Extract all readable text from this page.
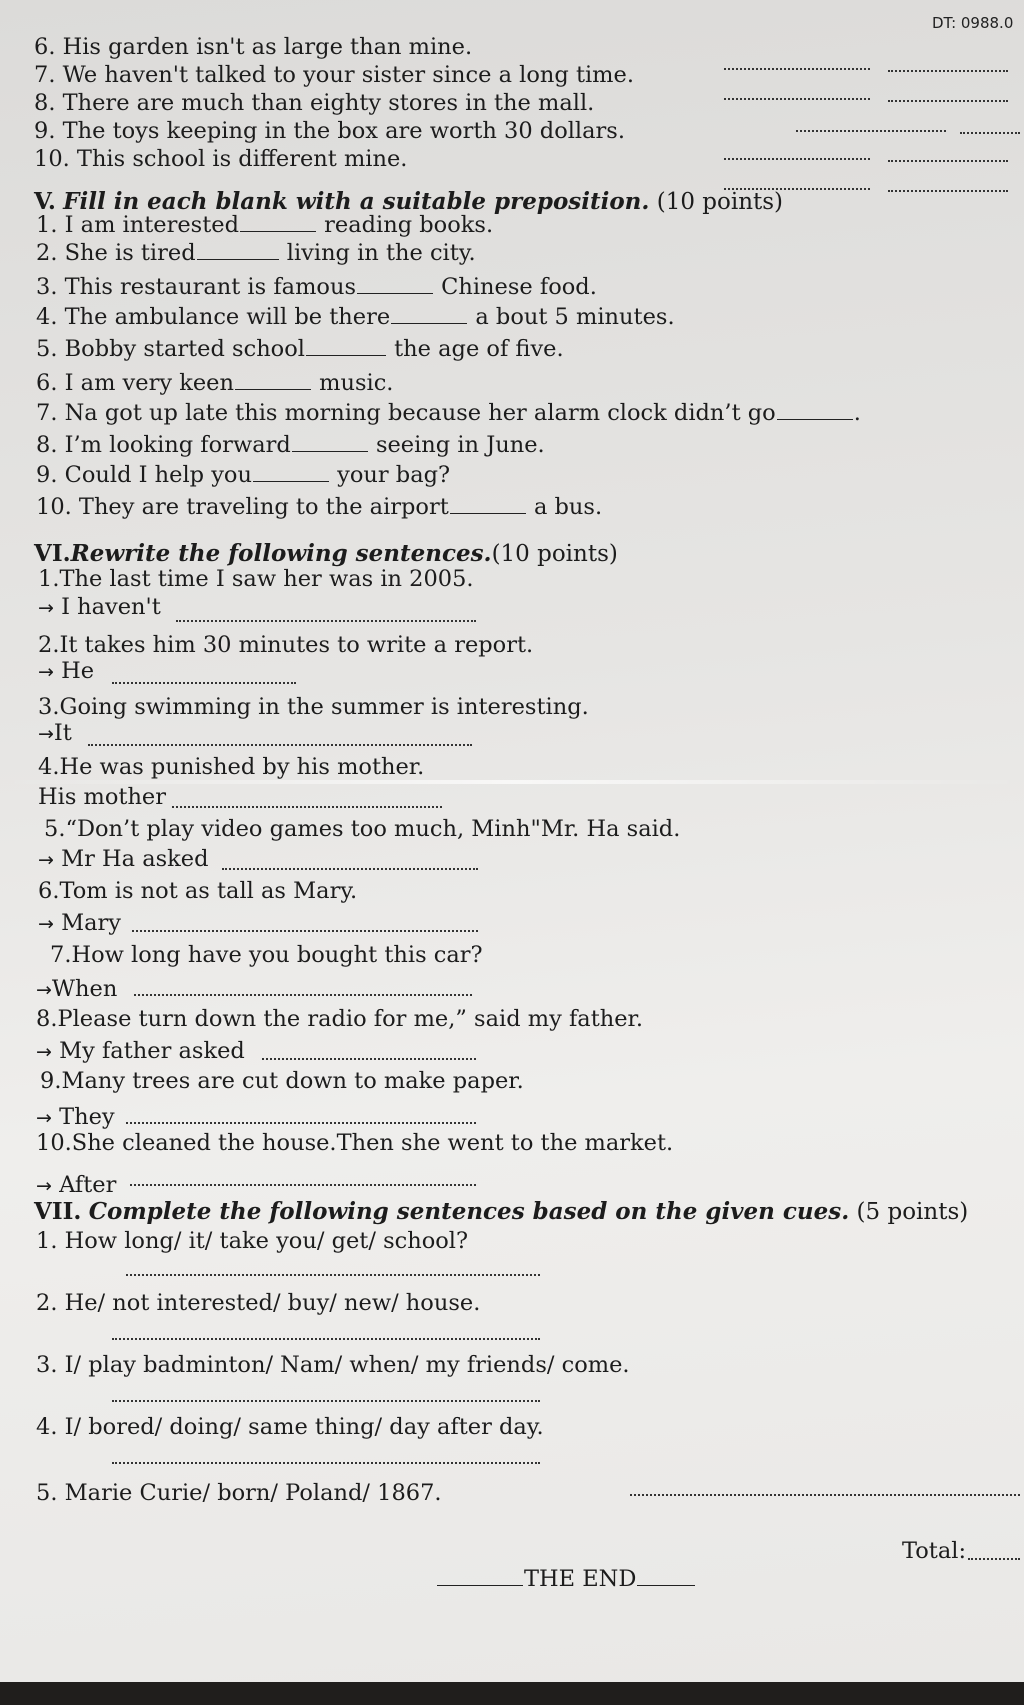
DT: 0988.0
6. His garden isn't as large than mine.
7. We haven't talked to your sister since a long time.
8. There are much than eighty stores in the mall.
9. The toys keeping in the box are worth 30 dollars.
10. This school is different mine.
V. Fill in each blank with a suitable preposition. (10 points)
1. I am interested	reading books.
2. She is tired	living in the city.
3. This restaurant is famous	Chinese food.
4. The ambulance will be there	a bout 5 minutes.
5. Bobby started school	the age of five.
6. I am very keen	music.
7. Na got up late this morning because her alarm clock didn’t go	.
8. I’m looking forward	seeing in June.
9. Could I help you	your bag?
10. They are traveling to the airport	a bus.
VI.Rewrite the following sentences.(10 points)
1.The last time I saw her was in 2005.
→ I haven't
2.It takes him 30 minutes to write a report.
→ He
3.Going swimming in the summer is interesting.
→It
4.He was punished by his mother.
His mother
5.“Don’t play video games too much, Minh"Mr. Ha said.
→ Mr Ha asked
6.Tom is not as tall as Mary.
→ Mary
7.How long have you bought this car?
→When
8.Please turn down the radio for me,” said my father.
→ My father asked
9.Many trees are cut down to make paper.
→ They
10.She cleaned the house.Then she went to the market.
→ After
VII. Complete the following sentences based on the given cues. (5 points)
1. How long/ it/ take you/ get/ school?
2. He/ not interested/ buy/ new/ house.
3. I/ play badminton/ Nam/ when/ my friends/ come.
4. I/ bored/ doing/ same thing/ day after day.
5. Marie Curie/ born/ Poland/ 1867.
Total:
THE END
